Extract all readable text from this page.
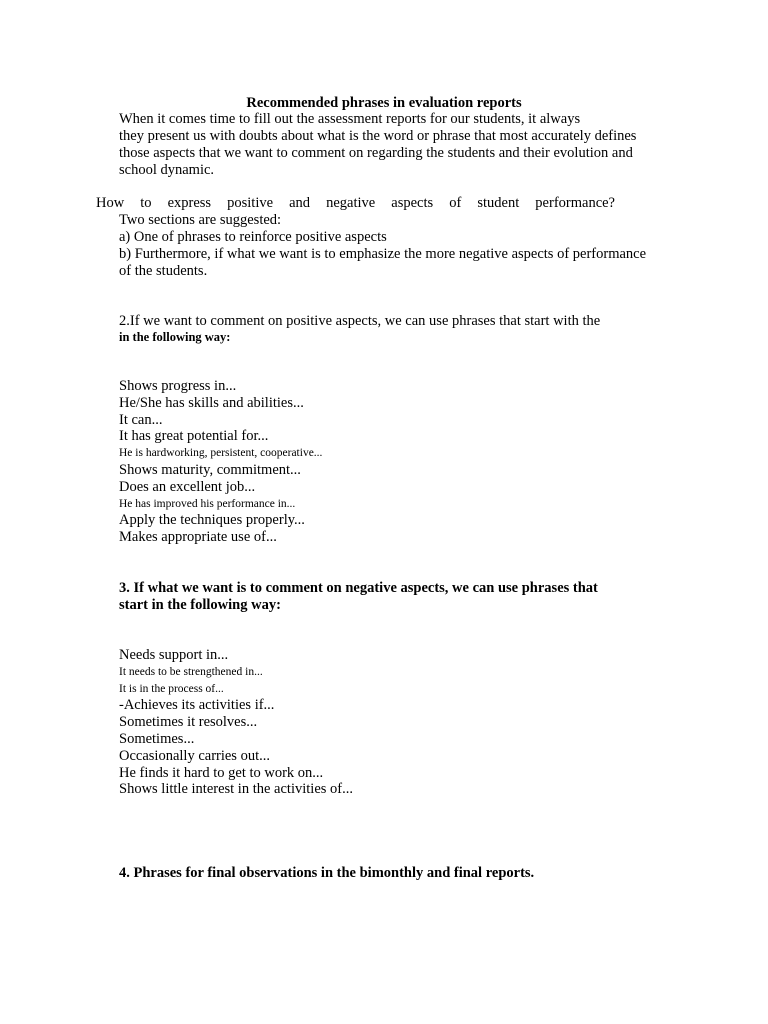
Recommended phrases in evaluation reports
When it comes time to fill out the assessment reports for our students, it always
they present us with doubts about what is the word or phrase that most accurately defines
those aspects that we want to comment on regarding the students and their evolution and
school dynamic.
How to express positive and negative aspects of student performance?
Two sections are suggested:
a) One of phrases to reinforce positive aspects
b) Furthermore, if what we want is to emphasize the more negative aspects of performance
of the students.
2.If we want to comment on positive aspects, we can use phrases that start with the
in the following way:
Shows progress in...
He/She has skills and abilities...
It can...
It has great potential for...
He is hardworking, persistent, cooperative...
Shows maturity, commitment...
Does an excellent job...
He has improved his performance in...
Apply the techniques properly...
Makes appropriate use of...
3. If what we want is to comment on negative aspects, we can use phrases that
start in the following way:
Needs support in...
It needs to be strengthened in...
It is in the process of...
-Achieves its activities if...
Sometimes it resolves...
Sometimes...
Occasionally carries out...
He finds it hard to get to work on...
Shows little interest in the activities of...
4. Phrases for final observations in the bimonthly and final reports.
